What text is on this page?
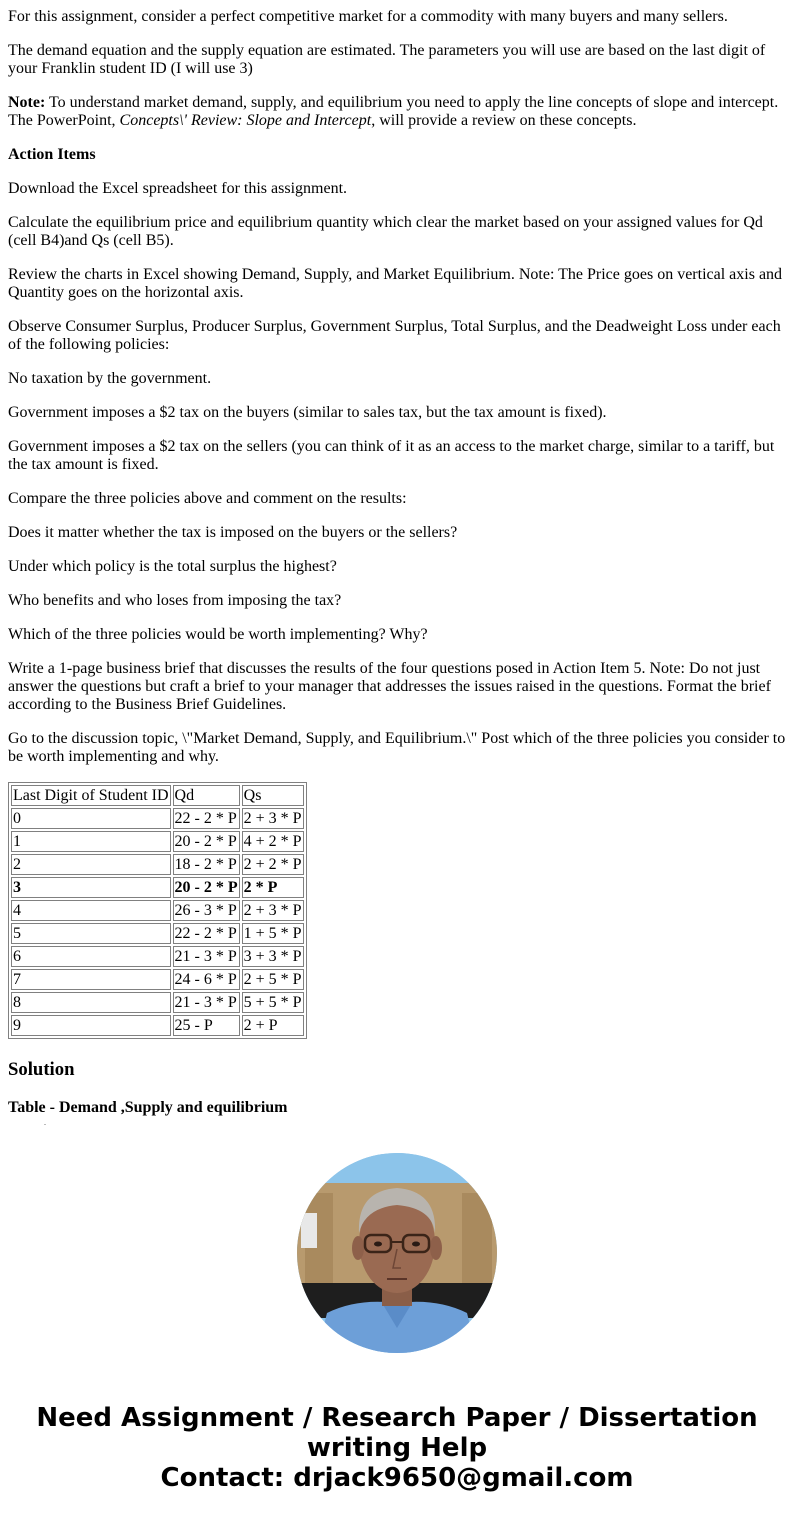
For this assignment, consider a perfect competitive market for a commodity with many buyers and many sellers.

The demand equation and the supply equation are estimated. The parameters you will use are based on the last digit of your Franklin student ID (I will use 3)

Note: To understand market demand, supply, and equilibrium you need to apply the line concepts of slope and intercept. The PowerPoint, Concepts\' Review: Slope and Intercept, will provide a review on these concepts.

Action Items

Download the Excel spreadsheet for this assignment.

Calculate the equilibrium price and equilibrium quantity which clear the market based on your assigned values for Qd (cell B4)and Qs (cell B5).

Review the charts in Excel showing Demand, Supply, and Market Equilibrium. Note: The Price goes on vertical axis and Quantity goes on the horizontal axis.

Observe Consumer Surplus, Producer Surplus, Government Surplus, Total Surplus, and the Deadweight Loss under each of the following policies:

No taxation by the government.

Government imposes a $2 tax on the buyers (similar to sales tax, but the tax amount is fixed).

Government imposes a $2 tax on the sellers (you can think of it as an access to the market charge, similar to a tariff, but the tax amount is fixed.

Compare the three policies above and comment on the results:

Does it matter whether the tax is imposed on the buyers or the sellers?

Under which policy is the total surplus the highest?

Who benefits and who loses from imposing the tax?

Which of the three policies would be worth implementing? Why?

Write a 1-page business brief that discusses the results of the four questions posed in Action Item 5. Note: Do not just answer the questions but craft a brief to your manager that addresses the issues raised in the questions. Format the brief according to the Business Brief Guidelines.

Go to the discussion topic, \"Market Demand, Supply, and Equilibrium.\" Post which of the three policies you consider to be worth implementing and why.

Last Digit of Student ID	Qd	Qs
0	22 - 2 * P	2 + 3 * P
1	20 - 2 * P	4 + 2 * P
2	18 - 2 * P	2 + 2 * P
3	20 - 2 * P	2 * P
4	26 - 3 * P	2 + 3 * P
5	22 - 2 * P	1 + 5 * P
6	21 - 3 * P	3 + 3 * P
7	24 - 6 * P	2 + 5 * P
8	21 - 3 * P	5 + 5 * P
9	25 - P	2 + P
Solution

Table - Demand ,Supply and equilibrium

Need Assignment / Research Paper / Dissertation
writing Help
Contact: drjack9650@gmail.com
